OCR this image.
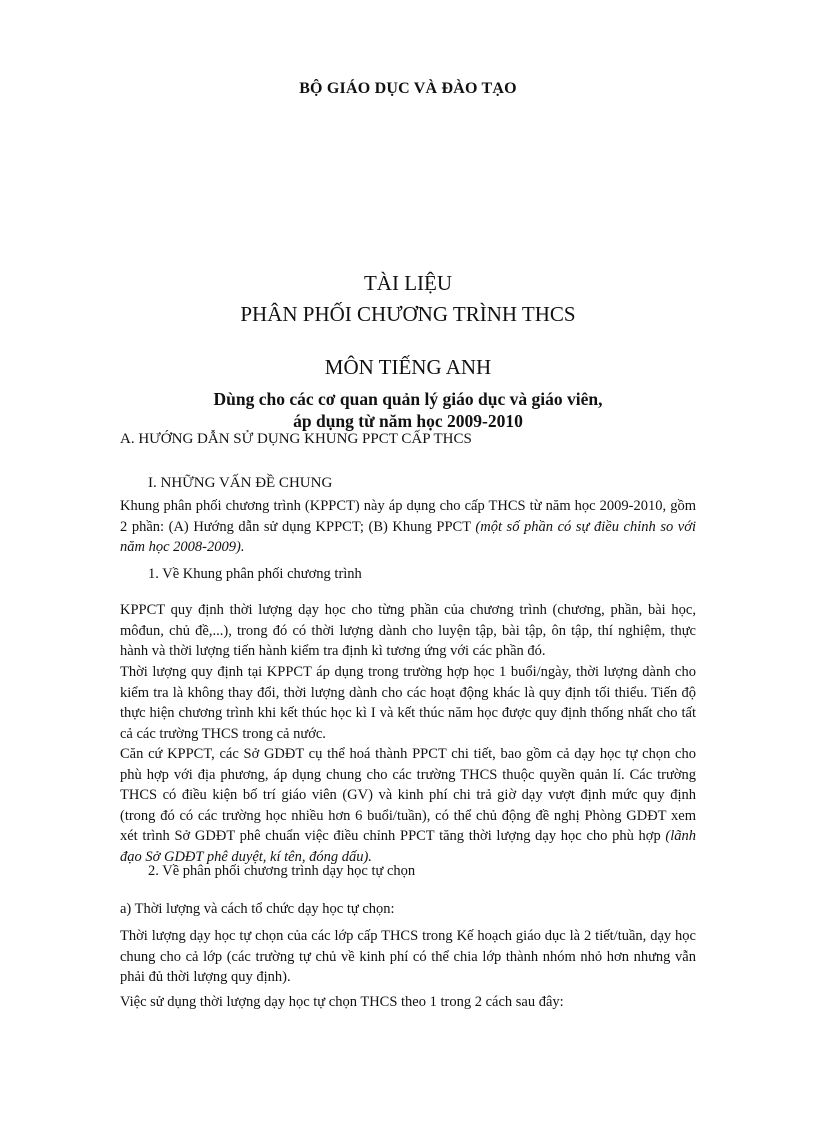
BỘ GIÁO DỤC VÀ ĐÀO TẠO
TÀI LIỆU
PHÂN PHỐI CHƯƠNG TRÌNH THCS
MÔN TIẾNG ANH
Dùng cho các cơ quan quản lý giáo dục và giáo viên,
áp dụng từ năm học 2009-2010
A. HƯỚNG DẪN SỬ DỤNG KHUNG PPCT CẤP THCS
I. NHỮNG VẤN ĐỀ CHUNG
Khung phân phối chương trình (KPPCT) này áp dụng cho cấp THCS từ năm học 2009-2010, gồm 2 phần: (A) Hướng dẫn sử dụng KPPCT; (B) Khung PPCT (một số phần có sự điều chỉnh so với năm học 2008-2009).
1. Về Khung phân phối chương trình
KPPCT quy định thời lượng dạy học cho từng phần của chương trình (chương, phần, bài học, môđun, chủ đề,...), trong đó có thời lượng dành cho luyện tập, bài tập, ôn tập, thí nghiệm, thực hành và thời lượng tiến hành kiểm tra định kì tương ứng với các phần đó.
Thời lượng quy định tại KPPCT áp dụng trong trường hợp học 1 buổi/ngày, thời lượng dành cho kiểm tra là không thay đổi, thời lượng dành cho các hoạt động khác là quy định tối thiểu. Tiến độ thực hiện chương trình khi kết thúc học kì I và kết thúc năm học được quy định thống nhất cho tất cả các trường THCS trong cả nước.
Căn cứ KPPCT, các Sở GDĐT cụ thể hoá thành PPCT chi tiết, bao gồm cả dạy học tự chọn cho phù hợp với địa phương, áp dụng chung cho các trường THCS thuộc quyền quản lí. Các trường THCS có điều kiện bố trí giáo viên (GV) và kinh phí chi trả giờ dạy vượt định mức quy định (trong đó có các trường học nhiều hơn 6 buổi/tuần), có thể chủ động đề nghị Phòng GDĐT xem xét trình Sở GDĐT phê chuẩn việc điều chỉnh PPCT tăng thời lượng dạy học cho phù hợp (lãnh đạo Sở GDĐT phê duyệt, kí tên, đóng dấu).
2. Về phân phối chương trình dạy học tự chọn
a) Thời lượng và cách tổ chức dạy học tự chọn:
Thời lượng dạy học tự chọn của các lớp cấp THCS trong Kế hoạch giáo dục là 2 tiết/tuần, dạy học chung cho cả lớp (các trường tự chủ về kinh phí có thể chia lớp thành nhóm nhỏ hơn nhưng vẫn phải đủ thời lượng quy định).
Việc sử dụng thời lượng dạy học tự chọn THCS theo 1 trong 2 cách sau đây:
